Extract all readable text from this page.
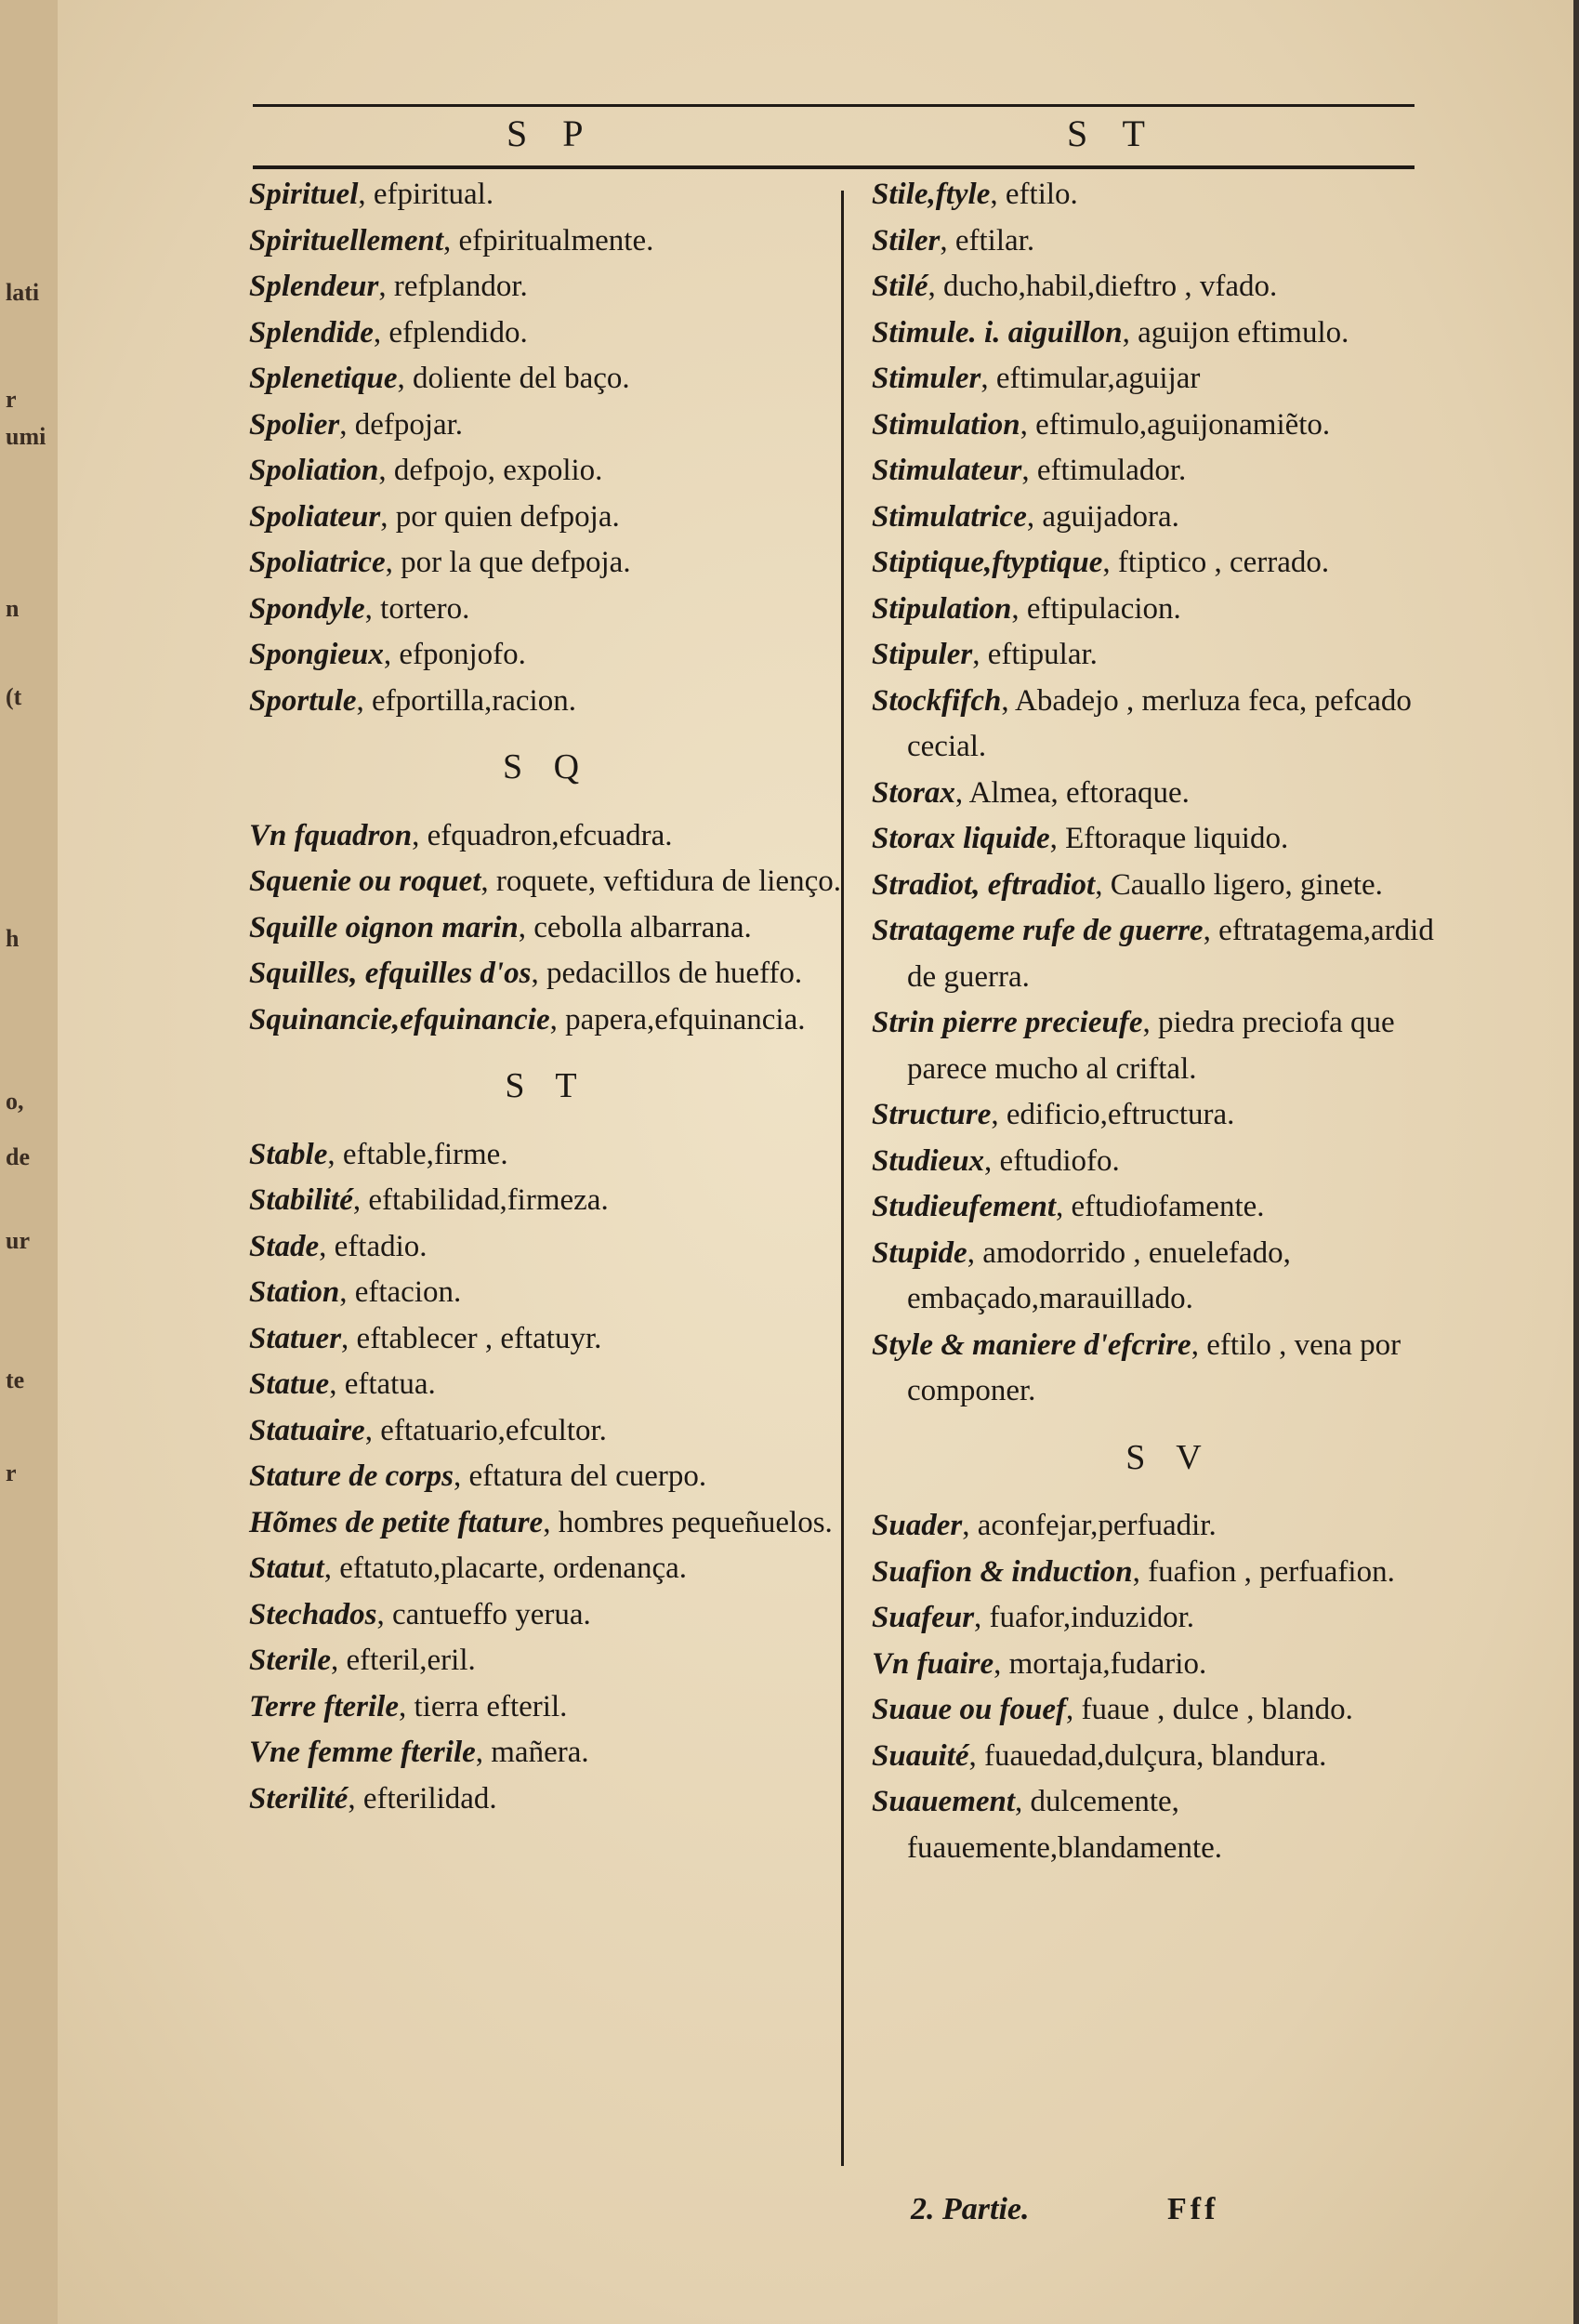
lati
r
umi
n
(t
h
o,
de
ur
te
r
S P	S T
Spirituel, efpiritual.
Spirituellement, efpiritualmente.
Splendeur, refplandor.
Splendide, efplendido.
Splenetique, doliente del baço.
Spolier, defpojar.
Spoliation, defpojo, expolio.
Spoliateur, por quien defpoja.
Spoliatrice, por la que defpoja.
Spondyle, tortero.
Spongieux, efponjofo.
Sportule, efportilla,racion.
S Q
Vn fquadron, efquadron,efcuadra.
Squenie ou roquet, roquete, veftidura de lienço.
Squille oignon marin, cebolla albarrana.
Squilles, efquilles d'os, pedacillos de hueffo.
Squinancie,efquinancie, papera,efquinancia.
S T
Stable, eftable,firme.
Stabilité, eftabilidad,firmeza.
Stade, eftadio.
Station, eftacion.
Statuer, eftablecer , eftatuyr.
Statue, eftatua.
Statuaire, eftatuario,efcultor.
Stature de corps, eftatura del cuerpo.
Hõmes de petite ftature, hombres pequeñuelos.
Statut, eftatuto,placarte, ordenança.
Stechados, cantueffo yerua.
Sterile, efteril,eril.
Terre fterile, tierra efteril.
Vne femme fterile, mañera.
Sterilité, efterilidad.
Stile,ftyle, eftilo.
Stiler, eftilar.
Stilé, ducho,habil,dieftro , vfado.
Stimule. i. aiguillon, aguijon eftimulo.
Stimuler, eftimular,aguijar
Stimulation, eftimulo,aguijonamiẽto.
Stimulateur, eftimulador.
Stimulatrice, aguijadora.
Stiptique,ftyptique, ftiptico , cerrado.
Stipulation, eftipulacion.
Stipuler, eftipular.
Stockfifch, Abadejo , merluza feca, pefcado cecial.
Storax, Almea, eftoraque.
Storax liquide, Eftoraque liquido.
Stradiot, eftradiot, Cauallo ligero, ginete.
Stratageme rufe de guerre, eftratagema,ardid de guerra.
Strin pierre precieufe, piedra preciofa que parece mucho al criftal.
Structure, edificio,eftructura.
Studieux, eftudiofo.
Studieufement, eftudiofamente.
Stupide, amodorrido , enuelefado, embaçado,marauillado.
Style & maniere d'efcrire, eftilo , vena por componer.
S V
Suader, aconfejar,perfuadir.
Suafion & induction, fuafion , perfuafion.
Suafeur, fuafor,induzidor.
Vn fuaire, mortaja,fudario.
Suaue ou fouef, fuaue , dulce , blando.
Suauité, fuauedad,dulçura, blandura.
Suauement, dulcemente, fuauemente,blandamente.
2. Partie.	Fff
